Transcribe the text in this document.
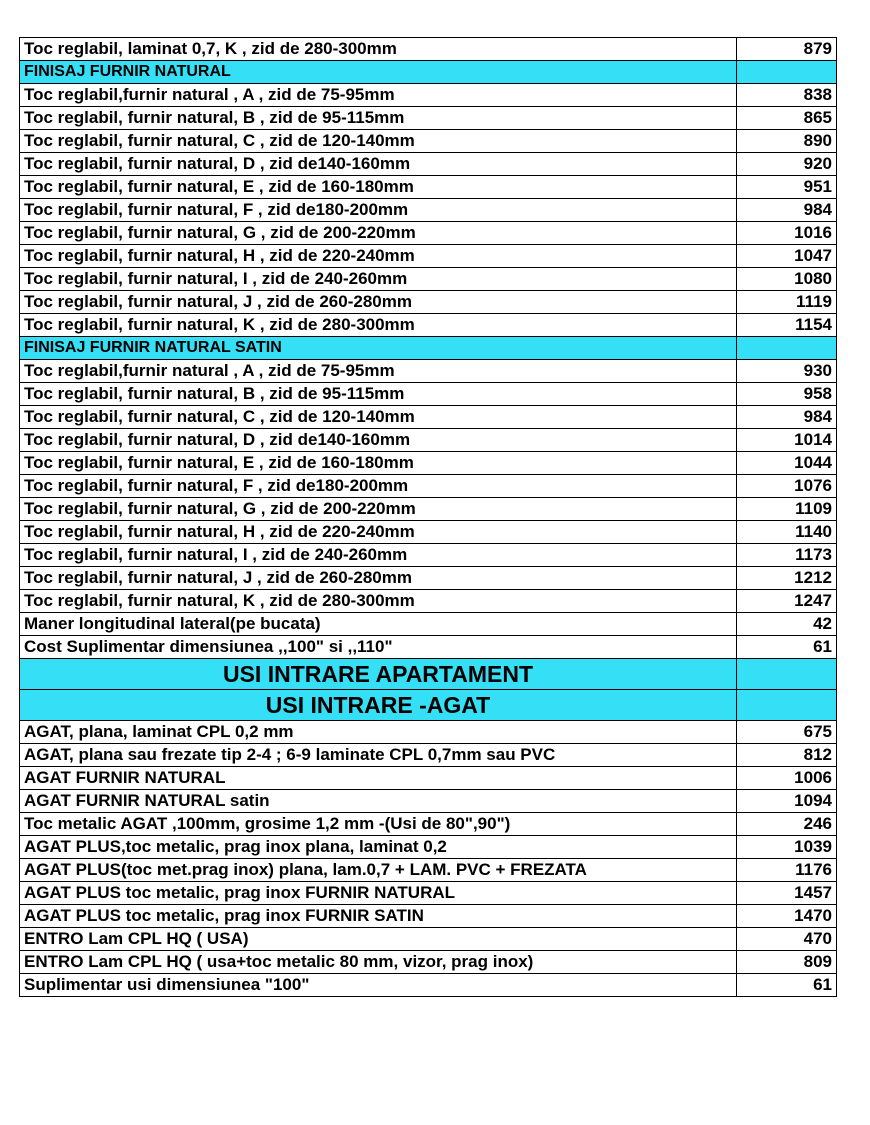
Toc reglabil, laminat 0,7, K , zid de 280-300mm	879
FINISAJ FURNIR NATURAL	
Toc reglabil,furnir natural , A , zid de 75-95mm	838
Toc reglabil, furnir natural, B , zid de 95-115mm	865
Toc reglabil, furnir natural, C , zid de 120-140mm	890
Toc reglabil, furnir natural, D , zid de140-160mm	920
Toc reglabil, furnir natural, E , zid de 160-180mm	951
Toc reglabil, furnir natural, F , zid de180-200mm	984
Toc reglabil, furnir natural, G , zid de 200-220mm	1016
Toc reglabil, furnir natural, H , zid de 220-240mm	1047
Toc reglabil, furnir natural, I , zid de 240-260mm	1080
Toc reglabil, furnir natural, J , zid de 260-280mm	1119
Toc reglabil, furnir natural, K , zid de 280-300mm	1154
FINISAJ FURNIR NATURAL SATIN	
Toc reglabil,furnir natural , A , zid de 75-95mm	930
Toc reglabil, furnir natural, B , zid de 95-115mm	958
Toc reglabil, furnir natural, C , zid de 120-140mm	984
Toc reglabil, furnir natural, D , zid de140-160mm	1014
Toc reglabil, furnir natural, E , zid de 160-180mm	1044
Toc reglabil, furnir natural, F , zid de180-200mm	1076
Toc reglabil, furnir natural, G , zid de 200-220mm	1109
Toc reglabil, furnir natural, H , zid de 220-240mm	1140
Toc reglabil, furnir natural, I , zid de 240-260mm	1173
Toc reglabil, furnir natural, J , zid de 260-280mm	1212
Toc reglabil, furnir natural, K , zid de 280-300mm	1247
Maner longitudinal lateral(pe bucata)	42
Cost Suplimentar dimensiunea ,,100" si ,,110"	61
USI INTRARE APARTAMENT	
USI INTRARE -AGAT	
AGAT, plana, laminat CPL 0,2 mm	675
AGAT, plana sau frezate tip 2-4 ; 6-9 laminate CPL 0,7mm sau PVC	812
AGAT FURNIR NATURAL	1006
AGAT FURNIR NATURAL satin	1094
Toc metalic AGAT ,100mm, grosime 1,2 mm -(Usi de 80",90")	246
AGAT PLUS,toc metalic, prag inox plana, laminat 0,2	1039
AGAT PLUS(toc met.prag inox) plana, lam.0,7 + LAM. PVC + FREZATA	1176
AGAT PLUS toc metalic, prag inox FURNIR NATURAL	1457
AGAT PLUS toc metalic, prag inox FURNIR SATIN	1470
ENTRO Lam CPL HQ ( USA)	470
ENTRO Lam CPL HQ ( usa+toc metalic 80 mm, vizor, prag inox)	809
Suplimentar usi dimensiunea "100"	61
